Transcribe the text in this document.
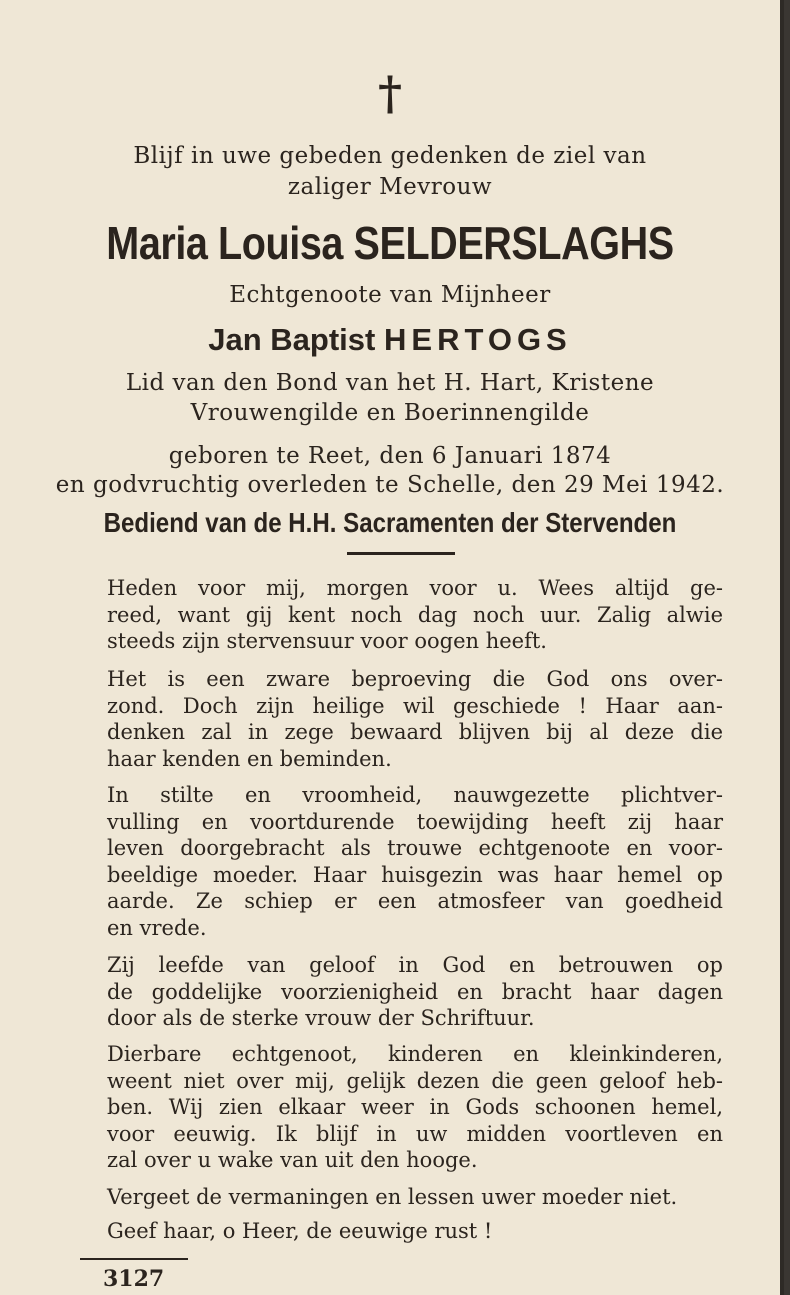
†
Blijf in uwe gebeden gedenken de ziel van
zaliger Mevrouw
Maria Louisa SELDERSLAGHS
Echtgenoote van Mijnheer
Jan Baptist HERTOGS
Lid van den Bond van het H. Hart, Kristene
Vrouwengilde en Boerinnengilde
geboren te Reet, den 6 Januari 1874
en godvruchtig overleden te Schelle, den 29 Mei 1942.
Bediend van de H.H. Sacramenten der Stervenden
Heden voor mij, morgen voor u. Wees altijd ge-
reed, want gij kent noch dag noch uur. Zalig alwie
steeds zijn stervensuur voor oogen heeft.
Het is een zware beproeving die God ons over-
zond. Doch zijn heilige wil geschiede ! Haar aan-
denken zal in zege bewaard blijven bij al deze die
haar kenden en beminden.
In stilte en vroomheid, nauwgezette plichtver-
vulling en voortdurende toewijding heeft zij haar
leven doorgebracht als trouwe echtgenoote en voor-
beeldige moeder. Haar huisgezin was haar hemel op
aarde. Ze schiep er een atmosfeer van goedheid
en vrede.
Zij leefde van geloof in God en betrouwen op
de goddelijke voorzienigheid en bracht haar dagen
door als de sterke vrouw der Schriftuur.
Dierbare echtgenoot, kinderen en kleinkinderen,
weent niet over mij, gelijk dezen die geen geloof heb-
ben. Wij zien elkaar weer in Gods schoonen hemel,
voor eeuwig. Ik blijf in uw midden voortleven en
zal over u wake van uit den hooge.
Vergeet de vermaningen en lessen uwer moeder niet.
Geef haar, o Heer, de eeuwige rust !
3127
